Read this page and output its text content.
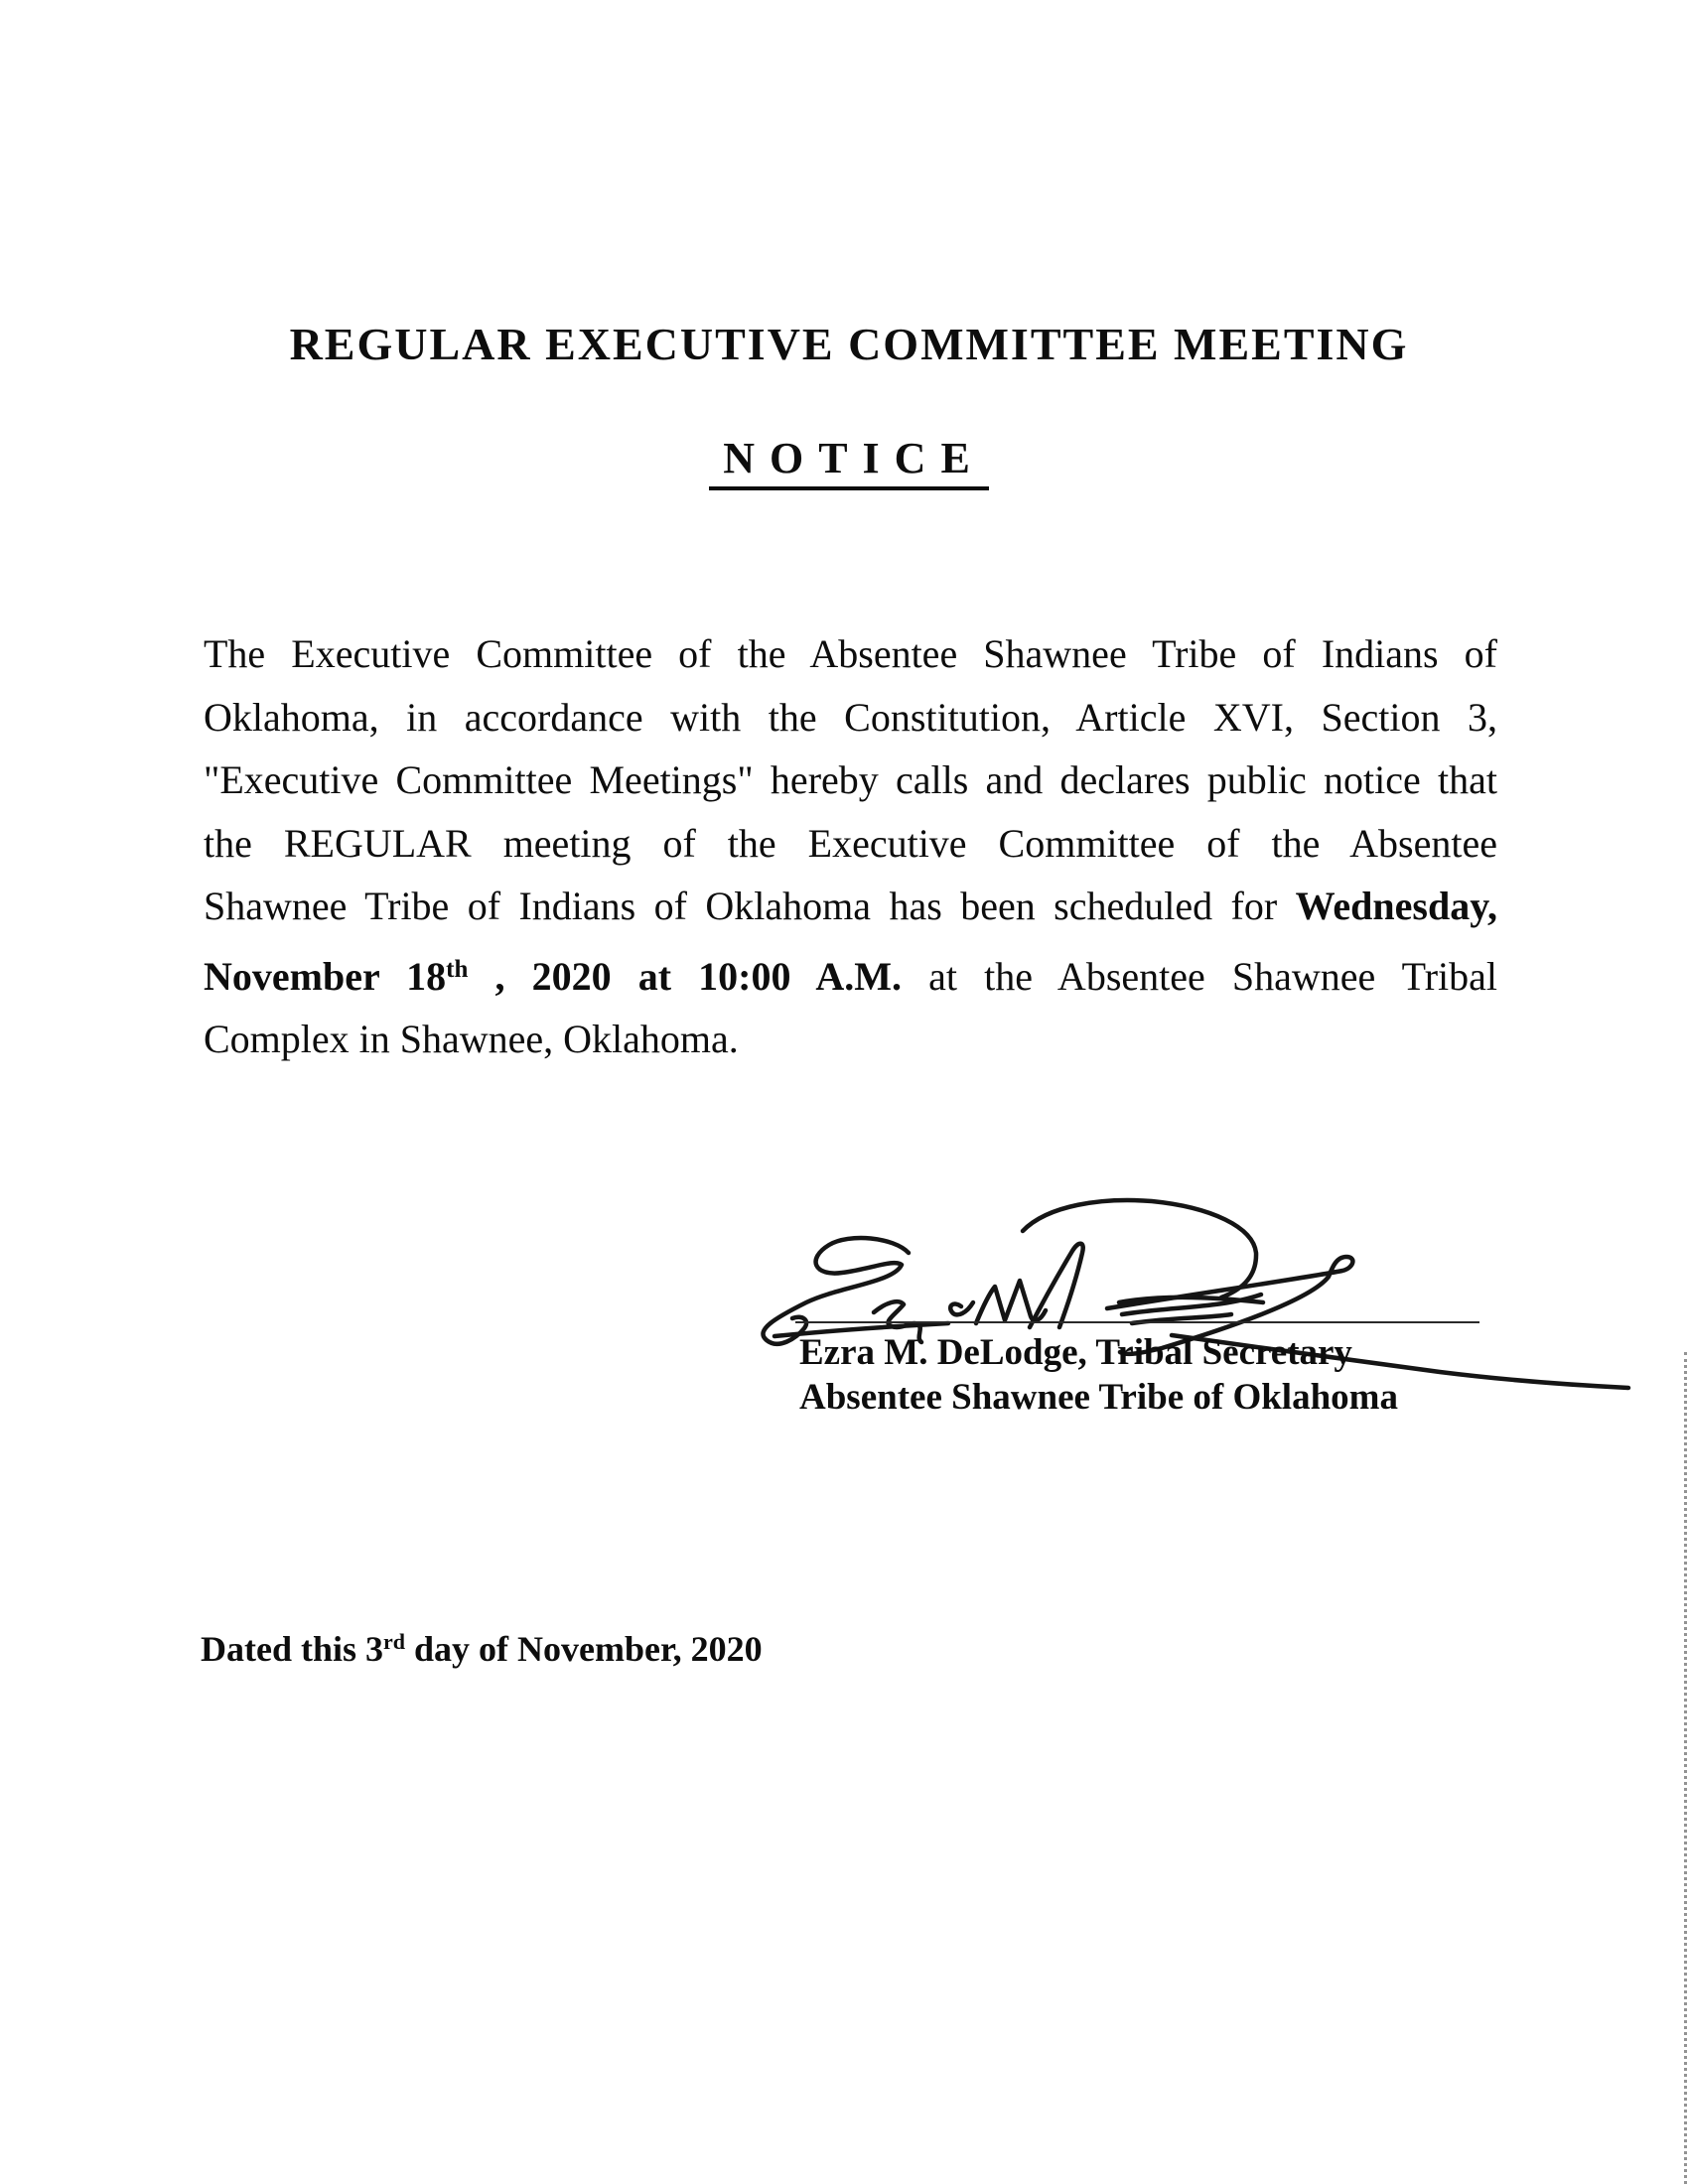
REGULAR EXECUTIVE COMMITTEE MEETING
NOTICE
The Executive Committee of the Absentee Shawnee Tribe of Indians of
Oklahoma, in accordance with the Constitution, Article XVI, Section 3,
"Executive Committee Meetings" hereby calls and declares public notice that
the REGULAR meeting of the Executive Committee of the Absentee
Shawnee Tribe of Indians of Oklahoma has been scheduled for Wednesday,
November 18th , 2020 at 10:00 A.M. at the Absentee Shawnee Tribal
Complex in Shawnee, Oklahoma.
Ezra M. DeLodge, Tribal Secretary
Absentee Shawnee Tribe of Oklahoma
Dated this 3rd day of November, 2020
